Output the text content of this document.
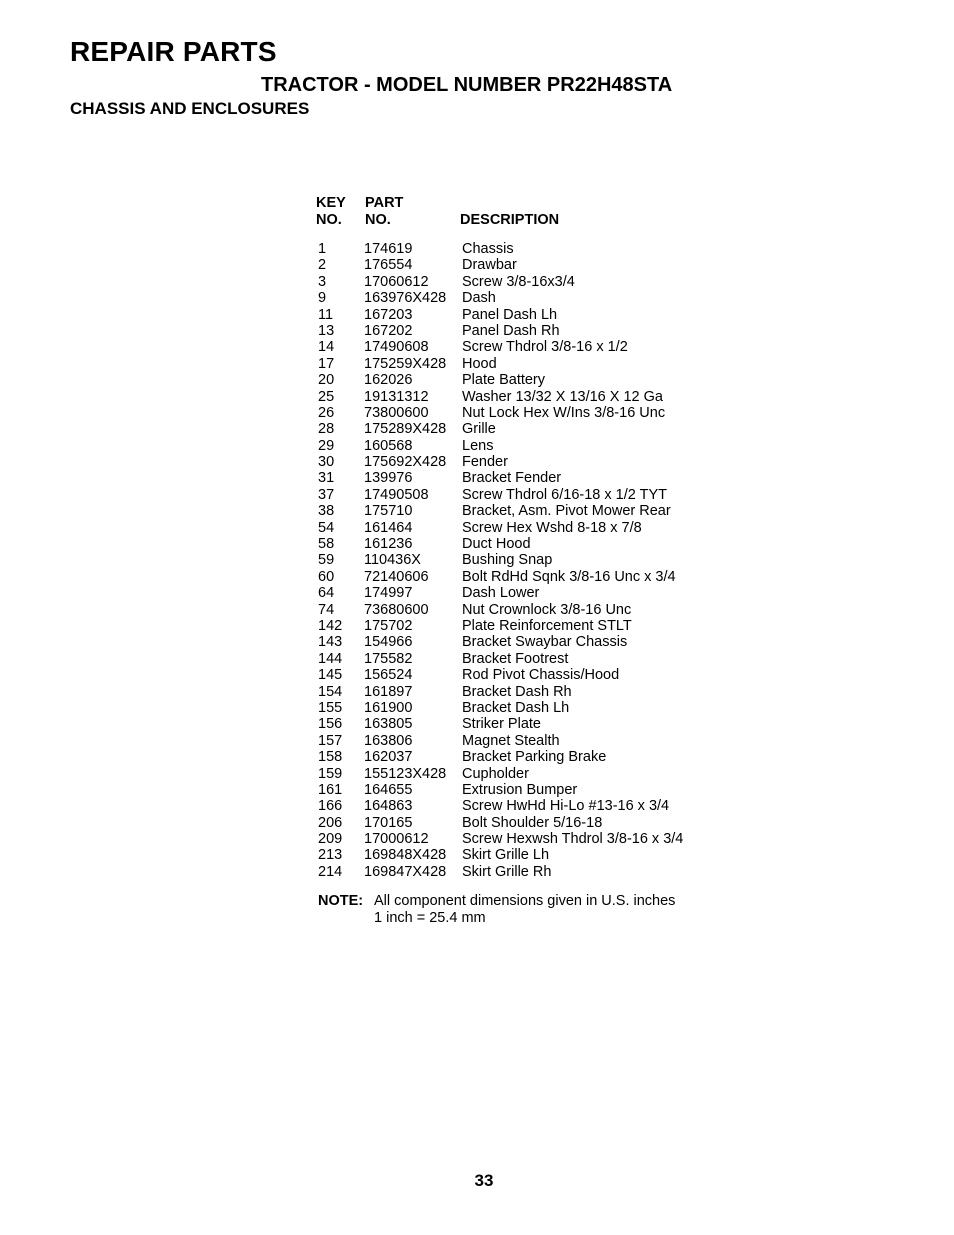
REPAIR PARTS
TRACTOR - MODEL NUMBER PR22H48STA
CHASSIS AND ENCLOSURES
KEY
NO.
PART
NO.	DESCRIPTION
1	174619	Chassis
2	176554	Drawbar
3	17060612 Screw 3/8-16x3/4
9	163976X428 Dash
11 167203	Panel Dash Lh
13 167202	Panel Dash Rh
14 17490608 Screw Thdrol 3/8-16 x 1/2
17 175259X428 Hood
20 162026	Plate Battery
25 19131312 Washer 13/32 X 13/16 X 12 Ga
26 73800600 Nut Lock Hex W/Ins 3/8-16 Unc
28 175289X428 Grille
29 160568	Lens
30 175692X428 Fender
31 139976	Bracket Fender
37 17490508 Screw Thdrol 6/16-18 x 1/2 TYT
38 175710	Bracket, Asm. Pivot Mower Rear
54 161464	Screw Hex Wshd 8-18 x 7/8
58 161236	Duct Hood
59 110436X	Bushing Snap
60 72140606 Bolt RdHd Sqnk 3/8-16 Unc x 3/4
64 174997	Dash Lower
74 73680600 Nut Crownlock 3/8-16 Unc
142 175702	Plate Reinforcement STLT
143 154966	Bracket Swaybar Chassis
144 175582	Bracket Footrest
145 156524	Rod Pivot Chassis/Hood
154 161897	Bracket Dash Rh
155 161900	Bracket Dash Lh
156 163805	Striker Plate
157 163806	Magnet Stealth
158 162037	Bracket Parking Brake
159 155123X428 Cupholder
161 164655	Extrusion Bumper
166 164863	Screw HwHd Hi-Lo #13-16 x 3/4
206 170165	Bolt Shoulder 5/16-18
209 17000612 Screw Hexwsh Thdrol 3/8-16 x 3/4
213 169848X428 Skirt Grille Lh
214 169847X428 Skirt Grille Rh
NOTE: All component dimensions given in U.S. inches
1 inch = 25.4 mm
33
